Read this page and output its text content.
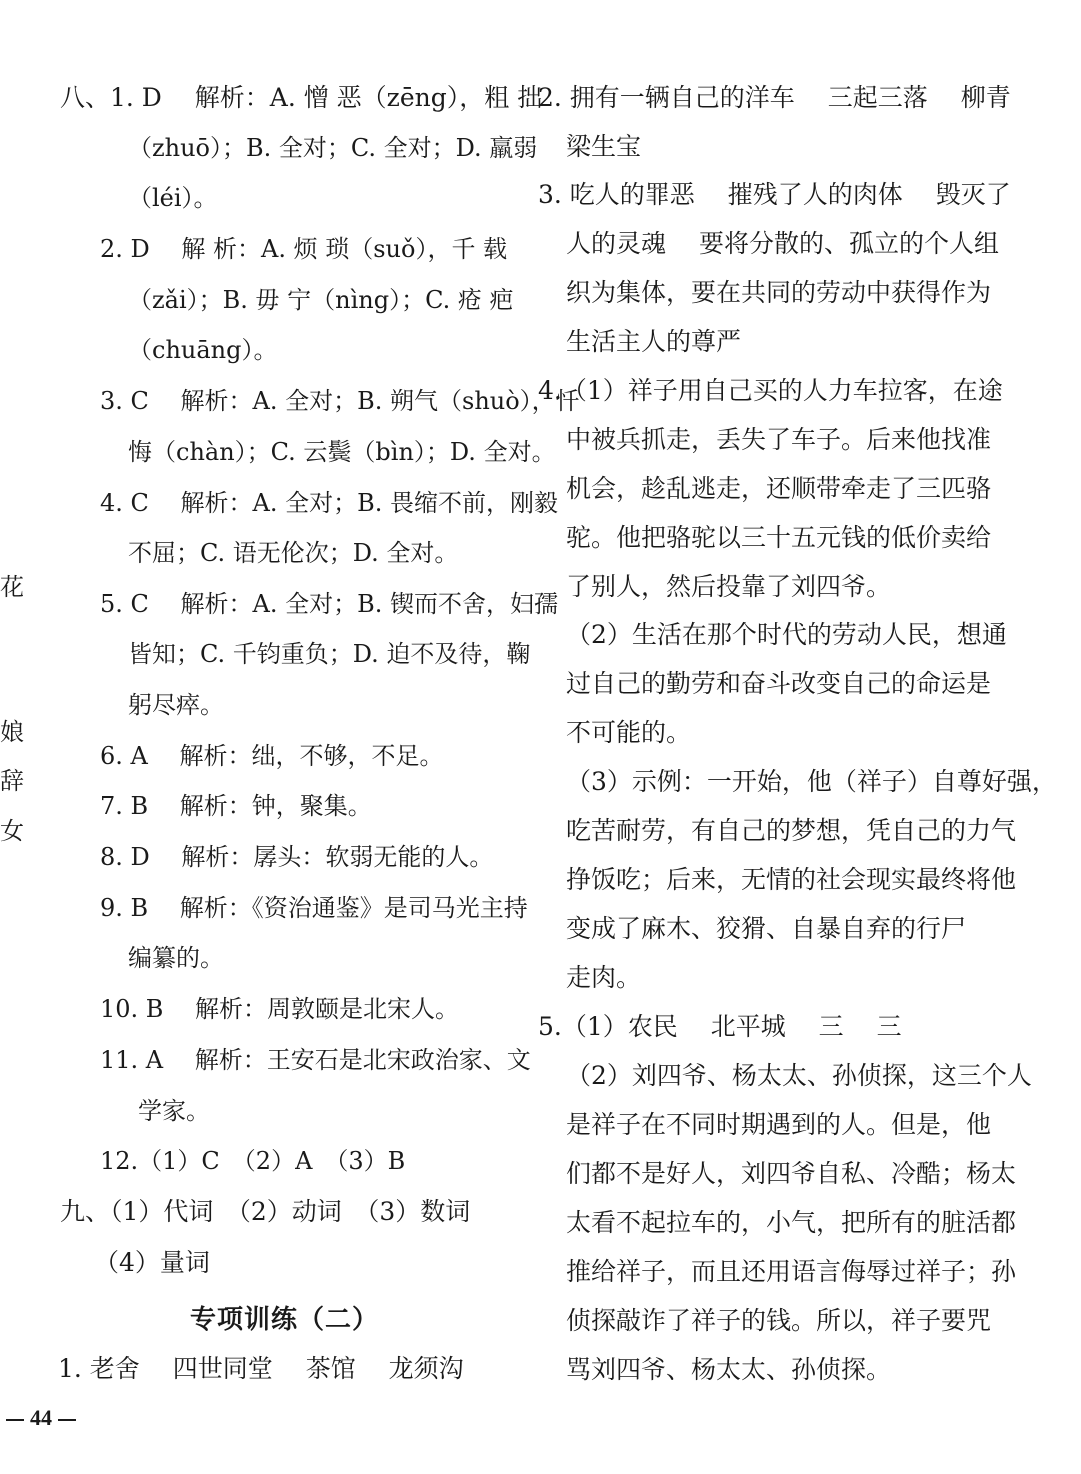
八、1. D　 解析：A. 憎 恶（zēng），粗 拙
（zhuō）；B. 全对；C. 全对；D. 羸弱
（léi）。
2. D　 解 析：A. 烦 琐（suǒ），千 载
（zǎi）；B. 毋 宁（nìng）；C. 疮 疤
（chuāng）。
3. C　 解析：A. 全对；B. 朔气（shuò），忏
悔（chàn）；C. 云鬓（bìn）；D. 全对。
4. C　 解析：A. 全对；B. 畏缩不前，刚毅
不屈；C. 语无伦次；D. 全对。
5. C　 解析：A. 全对；B. 锲而不舍，妇孺
皆知；C. 千钧重负；D. 迫不及待，鞠
躬尽瘁。
6. A　 解析：绌，不够，不足。
7. B　 解析：钟，聚集。
8. D　 解析：孱头：软弱无能的人。
9. B　 解析：《资治通鉴》是司马光主持
编纂的。
10. B　 解析：周敦颐是北宋人。
11. A　 解析：王安石是北宋政治家、文
学家。
12.（1）C　（2）A　（3）B
九、（1）代词　（2）动词　（3）数词
（4）量词
专项训练（二）
1. 老舍　 四世同堂　 茶馆　 龙须沟
2. 拥有一辆自己的洋车　 三起三落　 柳青
梁生宝
3. 吃人的罪恶　 摧残了人的肉体　 毁灭了
人的灵魂　 要将分散的、孤立的个人组
织为集体，要在共同的劳动中获得作为
生活主人的尊严
4.（1）祥子用自己买的人力车拉客，在途
中被兵抓走，丢失了车子。后来他找准
机会，趁乱逃走，还顺带牵走了三匹骆
驼。他把骆驼以三十五元钱的低价卖给
了别人，然后投靠了刘四爷。
（2）生活在那个时代的劳动人民，想通
过自己的勤劳和奋斗改变自己的命运是
不可能的。
（3）示例：一开始，他（祥子）自尊好强，
吃苦耐劳，有自己的梦想，凭自己的力气
挣饭吃；后来，无情的社会现实最终将他
变成了麻木、狡猾、自暴自弃的行尸
走肉。
5.（1）农民　 北平城　 三　 三
（2）刘四爷、杨太太、孙侦探，这三个人
是祥子在不同时期遇到的人。但是，他
们都不是好人，刘四爷自私、冷酷；杨太
太看不起拉车的，小气，把所有的脏活都
推给祥子，而且还用语言侮辱过祥子；孙
侦探敲诈了祥子的钱。所以，祥子要咒
骂刘四爷、杨太太、孙侦探。
花
娘
辞
女
44
